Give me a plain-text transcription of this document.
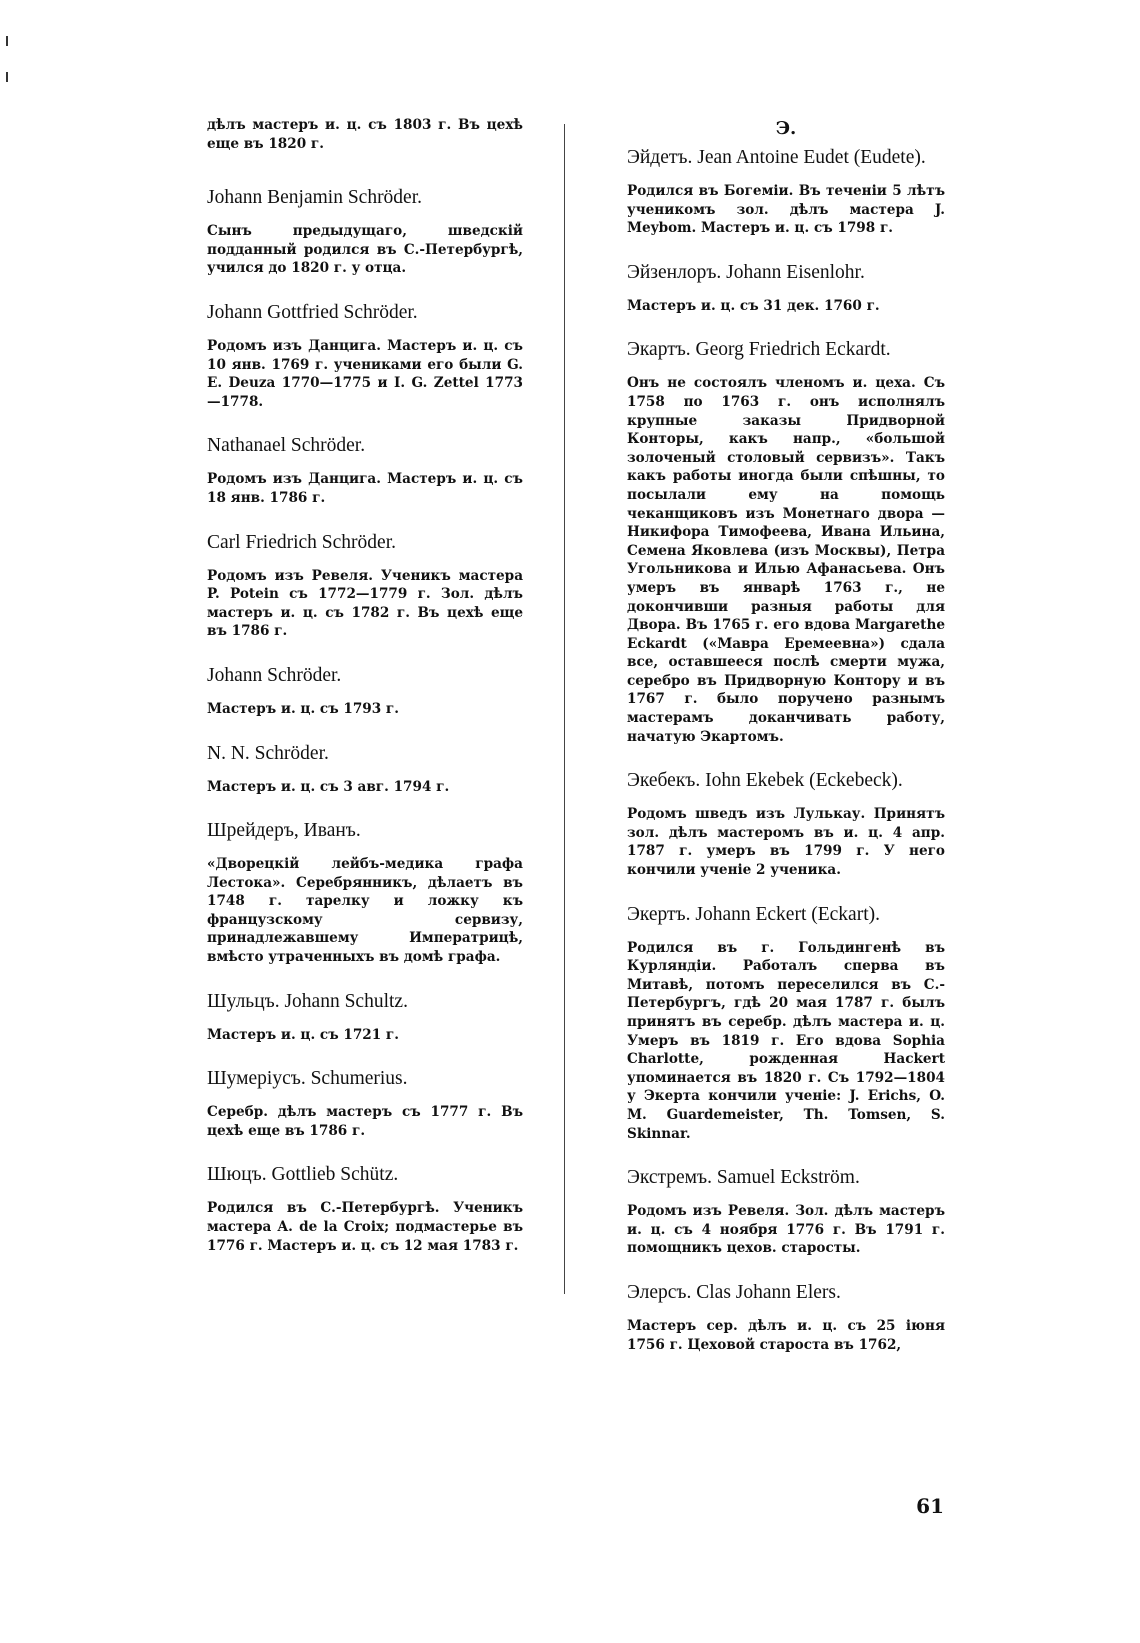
дѣлъ мастеръ и. ц. съ 1803 г. Въ цехѣ еще въ 1820 г.

Johann Benjamin Schröder.

Сынъ предыдущаго, шведскій подданный родился въ С.-Петербургѣ, учился до 1820 г. у отца.

Johann Gottfried Schröder.

Родомъ изъ Данцига. Мастеръ и. ц. съ 10 янв. 1769 г. учениками его были G. E. Deuza 1770—1775 и I. G. Zettel 1773—1778.

Nathanael Schröder.

Родомъ изъ Данцига. Мастеръ и. ц. съ 18 янв. 1786 г.

Carl Friedrich Schröder.

Родомъ изъ Ревеля. Ученикъ мастера P. Potein съ 1772—1779 г. Зол. дѣлъ мастеръ и. ц. съ 1782 г. Въ цехѣ еще въ 1786 г.

Johann Schröder.

Мастеръ и. ц. съ 1793 г.

N. N. Schröder.

Мастеръ и. ц. съ 3 авг. 1794 г.

Шрейдеръ, Иванъ.

«Дворецкій лейбъ-медика графа Лестока». Серебрянникъ, дѣлаетъ въ 1748 г. тарелку и ложку къ французскому сервизу, принадлежавшему Императрицѣ, вмѣсто утраченныхъ въ домѣ графа.

Шульцъ. Johann Schultz.

Мастеръ и. ц. съ 1721 г.

Шумеріусъ. Schumerius.

Серебр. дѣлъ мастеръ съ 1777 г. Въ цехѣ еще въ 1786 г.

Шюцъ. Gottlieb Schütz.

Родился въ С.-Петербургѣ. Ученикъ мастера A. de la Croix; подмастерье въ 1776 г. Мастеръ и. ц. съ 12 мая 1783 г.

Э.
Эйдетъ. Jean Antoine Eudet (Eudete).

Родился въ Богеміи. Въ теченіи 5 лѣтъ ученикомъ зол. дѣлъ мастера J. Meybom. Мастеръ и. ц. съ 1798 г.

Эйзенлоръ. Johann Eisenlohr.

Мастеръ и. ц. съ 31 дек. 1760 г.

Экартъ. Georg Friedrich Eckardt.

Онъ не состоялъ членомъ и. цеха. Съ 1758 по 1763 г. онъ исполнялъ крупные заказы Придворной Конторы, какъ напр., «большой золоченый столовый сервизъ». Такъ какъ работы иногда были спѣшны, то посылали ему на помощь чеканщиковъ изъ Монетнаго двора — Никифора Тимофеева, Ивана Ильина, Семена Яковлева (изъ Москвы), Петра Угольникова и Илью Афанасьева. Онъ умеръ въ январѣ 1763 г., не докончивши разныя работы для Двора. Въ 1765 г. его вдова Margarethe Eckardt («Мавра Еремеевна») сдала все, оставшееся послѣ смерти мужа, серебро въ Придворную Контору и въ 1767 г. было поручено разнымъ мастерамъ доканчивать работу, начатую Экартомъ.

Экебекъ. Iohn Ekebek (Eckebeck).

Родомъ шведъ изъ Лулькау. Принятъ зол. дѣлъ мастеромъ въ и. ц. 4 апр. 1787 г. умеръ въ 1799 г. У него кончили ученіе 2 ученика.

Экертъ. Johann Eckert (Eckart).

Родился въ г. Гольдингенѣ въ Курляндіи. Работалъ сперва въ Митавѣ, потомъ переселился въ С.-Петербургъ, гдѣ 20 мая 1787 г. былъ принятъ въ серебр. дѣлъ мастера и. ц. Умеръ въ 1819 г. Его вдова Sophia Charlotte, рожденная Hackert упоминается въ 1820 г. Съ 1792—1804 у Экерта кончили ученіе: J. Erichs, O. M. Guardemeister, Th. Tomsen, S. Skinnar.

Экстремъ. Samuel Eckström.

Родомъ изъ Ревеля. Зол. дѣлъ мастеръ и. ц. съ 4 ноября 1776 г. Въ 1791 г. помощникъ цехов. старосты.

Элерсъ. Clas Johann Elers.

Мастеръ сер. дѣлъ и. ц. съ 25 іюня 1756 г. Цеховой староста въ 1762,

61
